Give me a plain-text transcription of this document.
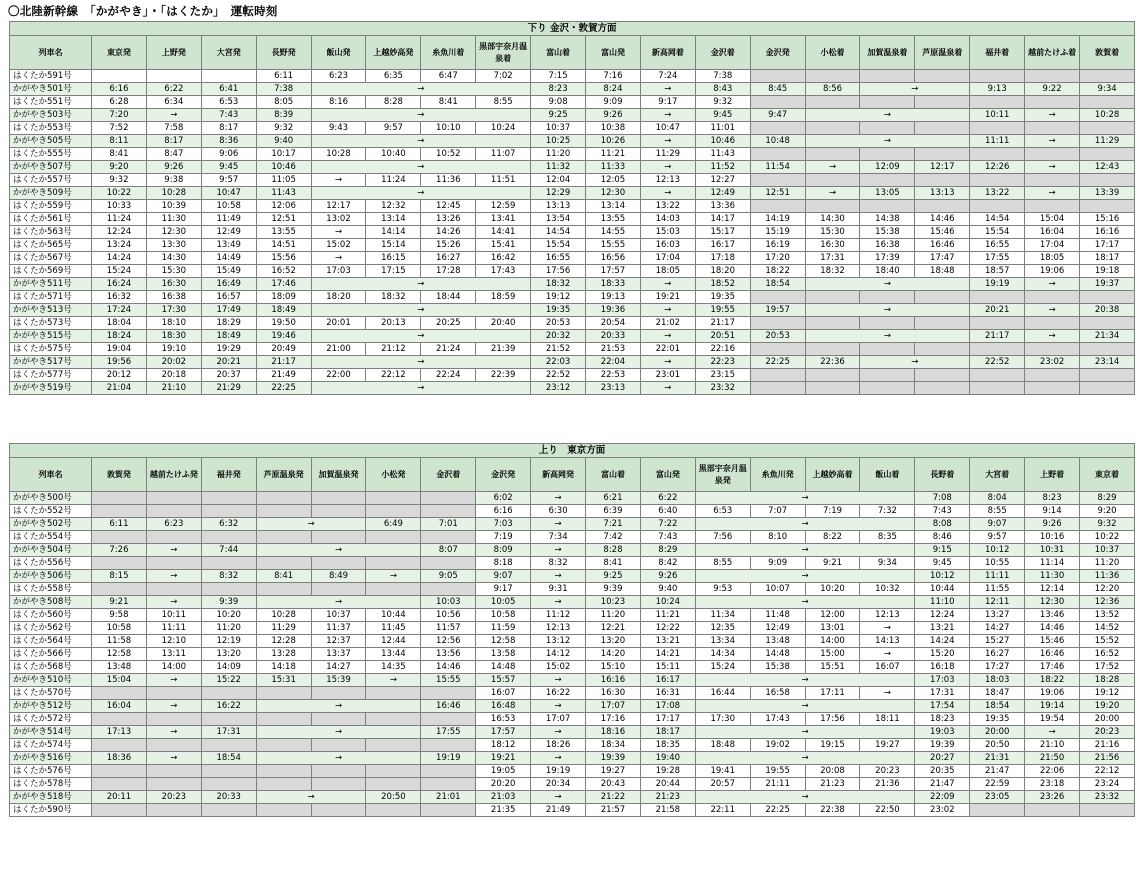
〇北陸新幹線　「かがやき」・「はくたか」　運転時刻
下り 金沢・敦賀方面																			
列車名	東京発	上野発	大宮発	長野発	飯山発	上越妙高発	糸魚川着	黒部宇奈月温泉着	富山着	富山発	新高岡着	金沢着	金沢発	小松着	加賀温泉着	芦原温泉着	福井着	越前たけふ着	敦賀着
はくたか591号				6:11	6:23	6:35	6:47	7:02	7:15	7:16	7:24	7:38							
かがやき501号	6:16	6:22	6:41	7:38	→				8:23	8:24	→	8:43	8:45	8:56	→		9:13	9:22	9:34
はくたか551号	6:28	6:34	6:53	8:05	8:16	8:28	8:41	8:55	9:08	9:09	9:17	9:32							
かがやき503号	7:20	→	7:43	8:39	→				9:25	9:26	→	9:45	9:47	→			10:11	→	10:28
はくたか553号	7:52	7:58	8:17	9:32	9:43	9:57	10:10	10:24	10:37	10:38	10:47	11:01							
かがやき505号	8:11	8:17	8:36	9:40	→				10:25	10:26	→	10:46	10:48	→			11:11	→	11:29
はくたか555号	8:41	8:47	9:06	10:17	10:28	10:40	10:52	11:07	11:20	11:21	11:29	11:43							
かがやき507号	9:20	9:26	9:45	10:46	→				11:32	11:33	→	11:52	11:54	→	12:09	12:17	12:26	→	12:43
はくたか557号	9:32	9:38	9:57	11:05	→	11:24	11:36	11:51	12:04	12:05	12:13	12:27							
かがやき509号	10:22	10:28	10:47	11:43	→				12:29	12:30	→	12:49	12:51	→	13:05	13:13	13:22	→	13:39
はくたか559号	10:33	10:39	10:58	12:06	12:17	12:32	12:45	12:59	13:13	13:14	13:22	13:36							
はくたか561号	11:24	11:30	11:49	12:51	13:02	13:14	13:26	13:41	13:54	13:55	14:03	14:17	14:19	14:30	14:38	14:46	14:54	15:04	15:16
はくたか563号	12:24	12:30	12:49	13:55	→	14:14	14:26	14:41	14:54	14:55	15:03	15:17	15:19	15:30	15:38	15:46	15:54	16:04	16:16
はくたか565号	13:24	13:30	13:49	14:51	15:02	15:14	15:26	15:41	15:54	15:55	16:03	16:17	16:19	16:30	16:38	16:46	16:55	17:04	17:17
はくたか567号	14:24	14:30	14:49	15:56	→	16:15	16:27	16:42	16:55	16:56	17:04	17:18	17:20	17:31	17:39	17:47	17:55	18:05	18:17
はくたか569号	15:24	15:30	15:49	16:52	17:03	17:15	17:28	17:43	17:56	17:57	18:05	18:20	18:22	18:32	18:40	18:48	18:57	19:06	19:18
かがやき511号	16:24	16:30	16:49	17:46	→				18:32	18:33	→	18:52	18:54	→			19:19	→	19:37
はくたか571号	16:32	16:38	16:57	18:09	18:20	18:32	18:44	18:59	19:12	19:13	19:21	19:35							
かがやき513号	17:24	17:30	17:49	18:49	→				19:35	19:36	→	19:55	19:57	→			20:21	→	20:38
はくたか573号	18:04	18:10	18:29	19:50	20:01	20:13	20:25	20:40	20:53	20:54	21:02	21:17							
かがやき515号	18:24	18:30	18:49	19:46	→				20:32	20:33	→	20:51	20:53	→			21:17	→	21:34
はくたか575号	19:04	19:10	19:29	20:49	21:00	21:12	21:24	21:39	21:52	21:53	22:01	22:16							
かがやき517号	19:56	20:02	20:21	21:17	→				22:03	22:04	→	22:23	22:25	22:36	→		22:52	23:02	23:14
はくたか577号	20:12	20:18	20:37	21:49	22:00	22:12	22:24	22:39	22:52	22:53	23:01	23:15							
かがやき519号	21:04	21:10	21:29	22:25	→				23:12	23:13	→	23:32							
上り　東京方面																			
列車名	敦賀発	越前たけふ発	福井発	芦原温泉発	加賀温泉発	小松発	金沢着	金沢発	新高岡発	富山着	富山発	黒部宇奈月温泉発	糸魚川発	上越妙高着	飯山着	長野着	大宮着	上野着	東京着
かがやき500号								6:02	→	6:21	6:22	→				7:08	8:04	8:23	8:29
はくたか552号								6:16	6:30	6:39	6:40	6:53	7:07	7:19	7:32	7:43	8:55	9:14	9:20
かがやき502号	6:11	6:23	6:32	→		6:49	7:01	7:03	→	7:21	7:22	→				8:08	9:07	9:26	9:32
はくたか554号								7:19	7:34	7:42	7:43	7:56	8:10	8:22	8:35	8:46	9:57	10:16	10:22
かがやき504号	7:26	→	7:44	→			8:07	8:09	→	8:28	8:29	→				9:15	10:12	10:31	10:37
はくたか556号								8:18	8:32	8:41	8:42	8:55	9:09	9:21	9:34	9:45	10:55	11:14	11:20
かがやき506号	8:15	→	8:32	8:41	8:49	→	9:05	9:07	→	9:25	9:26	→				10:12	11:11	11:30	11:36
はくたか558号								9:17	9:31	9:39	9:40	9:53	10:07	10:20	10:32	10:44	11:55	12:14	12:20
かがやき508号	9:21	→	9:39	→			10:03	10:05	→	10:23	10:24	→				11:10	12:11	12:30	12:36
はくたか560号	9:58	10:11	10:20	10:28	10:37	10:44	10:56	10:58	11:12	11:20	11:21	11:34	11:48	12:00	12:13	12:24	13:27	13:46	13:52
はくたか562号	10:58	11:11	11:20	11:29	11:37	11:45	11:57	11:59	12:13	12:21	12:22	12:35	12:49	13:01	→	13:21	14:27	14:46	14:52
はくたか564号	11:58	12:10	12:19	12:28	12:37	12:44	12:56	12:58	13:12	13:20	13:21	13:34	13:48	14:00	14:13	14:24	15:27	15:46	15:52
はくたか566号	12:58	13:11	13:20	13:28	13:37	13:44	13:56	13:58	14:12	14:20	14:21	14:34	14:48	15:00	→	15:20	16:27	16:46	16:52
はくたか568号	13:48	14:00	14:09	14:18	14:27	14:35	14:46	14:48	15:02	15:10	15:11	15:24	15:38	15:51	16:07	16:18	17:27	17:46	17:52
かがやき510号	15:04	→	15:22	15:31	15:39	→	15:55	15:57	→	16:16	16:17	→				17:03	18:03	18:22	18:28
はくたか570号								16:07	16:22	16:30	16:31	16:44	16:58	17:11	→	17:31	18:47	19:06	19:12
かがやき512号	16:04	→	16:22	→			16:46	16:48	→	17:07	17:08	→				17:54	18:54	19:14	19:20
はくたか572号								16:53	17:07	17:16	17:17	17:30	17:43	17:56	18:11	18:23	19:35	19:54	20:00
かがやき514号	17:13	→	17:31	→			17:55	17:57	→	18:16	18:17	→				19:03	20:00	→	20:23
はくたか574号								18:12	18:26	18:34	18:35	18:48	19:02	19:15	19:27	19:39	20:50	21:10	21:16
かがやき516号	18:36	→	18:54	→			19:19	19:21	→	19:39	19:40	→				20:27	21:31	21:50	21:56
はくたか576号								19:05	19:19	19:27	19:28	19:41	19:55	20:08	20:23	20:35	21:47	22:06	22:12
はくたか578号								20:20	20:34	20:43	20:44	20:57	21:11	21:23	21:36	21:47	22:59	23:18	23:24
かがやき518号	20:11	20:23	20:33	→		20:50	21:01	21:03	→	21:22	21:23	→				22:09	23:05	23:26	23:32
はくたか590号								21:35	21:49	21:57	21:58	22:11	22:25	22:38	22:50	23:02			
